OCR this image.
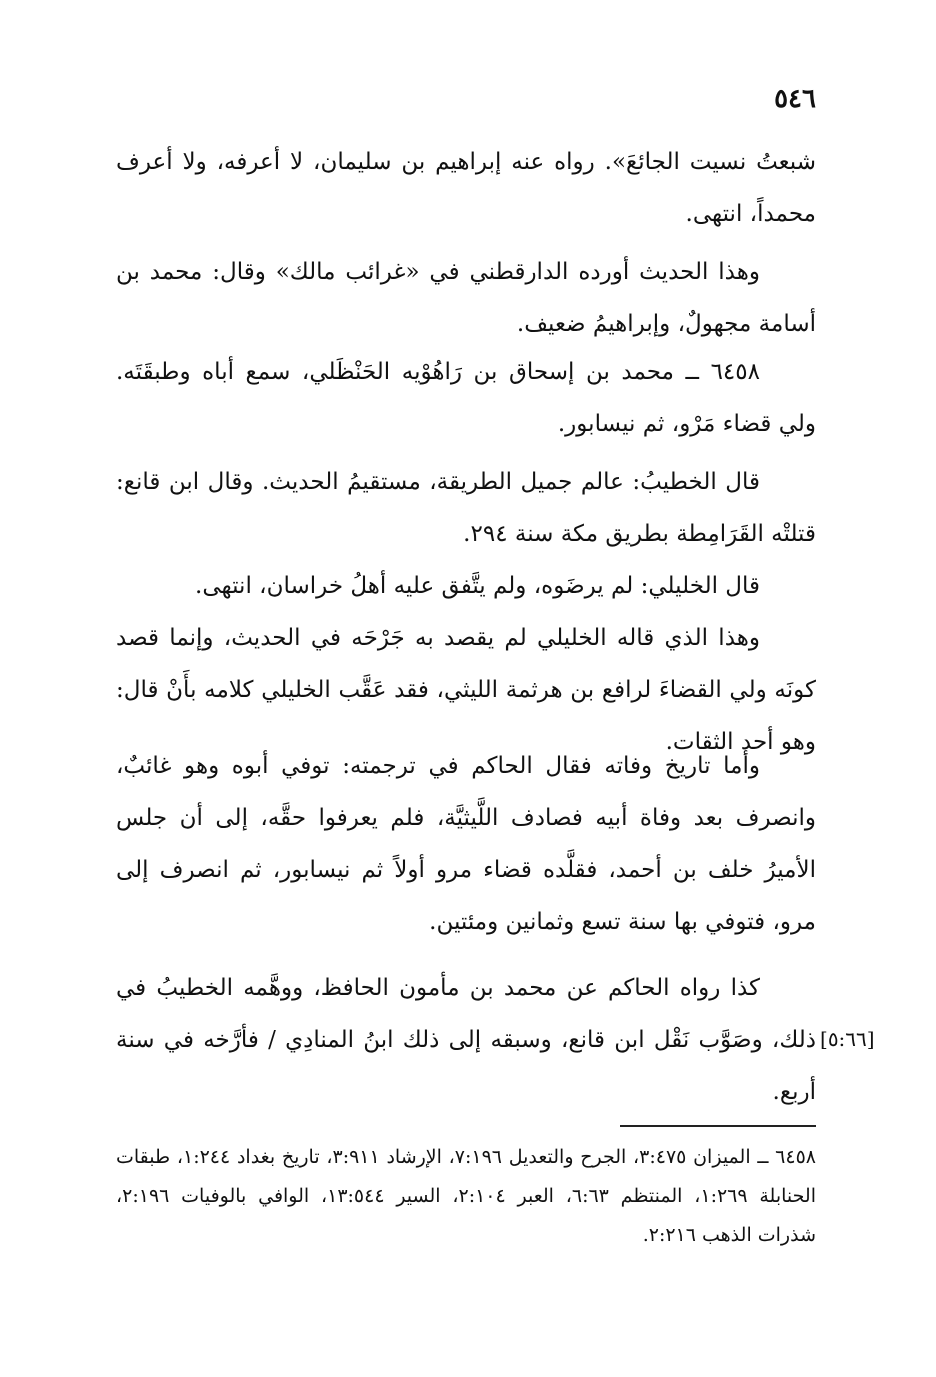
٥٤٦

شبعتُ نسيت الجائعَ». رواه عنه إبراهيم بن سليمان، لا أعرفه، ولا أعرف محمداً، انتهى.

وهذا الحديث أورده الدارقطني في «غرائب مالك» وقال: محمد بن أسامة مجهولٌ، وإبراهيمُ ضعيف.

٦٤٥٨ ــ محمد بن إسحاق بن رَاهُوْيه الحَنْظَلي، سمع أباه وطبقَتَه. ولي قضاء مَرْو، ثم نيسابور.

قال الخطيبُ: عالم جميل الطريقة، مستقيمُ الحديث. وقال ابن قانع: قتلتْه القَرَامِطة بطريق مكة سنة ٢٩٤.

قال الخليلي: لم يرضَوه، ولم يتَّفق عليه أهلُ خراسان، انتهى.

وهذا الذي قاله الخليلي لم يقصد به جَرْحَه في الحديث، وإنما قصد كونَه ولي القضاءَ لرافع بن هرثمة الليثي، فقد عَقَّب الخليلي كلامه بأَنْ قال: وهو أحد الثقات.

وأما تاريخ وفاته فقال الحاكم في ترجمته: توفي أبوه وهو غائبٌ، وانصرف بعد وفاة أبيه فصادف اللَّيثيَّة، فلم يعرفوا حقَّه، إلى أن جلس الأميرُ خلف بن أحمد، فقلَّده قضاء مرو أولاً ثم نيسابور، ثم انصرف إلى مرو، فتوفي بها سنة تسع وثمانين ومئتين.

كذا رواه الحاكم عن محمد بن مأمون الحافظ، ووهَّمه الخطيبُ في ذلك، وصَوَّب نَقْل ابن قانع، وسبقه إلى ذلك ابنُ المنادِي / فأرَّخه في سنة أربع.

[٥:٦٦]

٦٤٥٨ ــ الميزان ٣:٤٧٥، الجرح والتعديل ٧:١٩٦، الإرشاد ٣:٩١١، تاريخ بغداد ١:٢٤٤، طبقات الحنابلة ١:٢٦٩، المنتظم ٦:٦٣، العبر ٢:١٠٤، السير ١٣:٥٤٤، الوافي بالوفيات ٢:١٩٦، شذرات الذهب ٢:٢١٦.
